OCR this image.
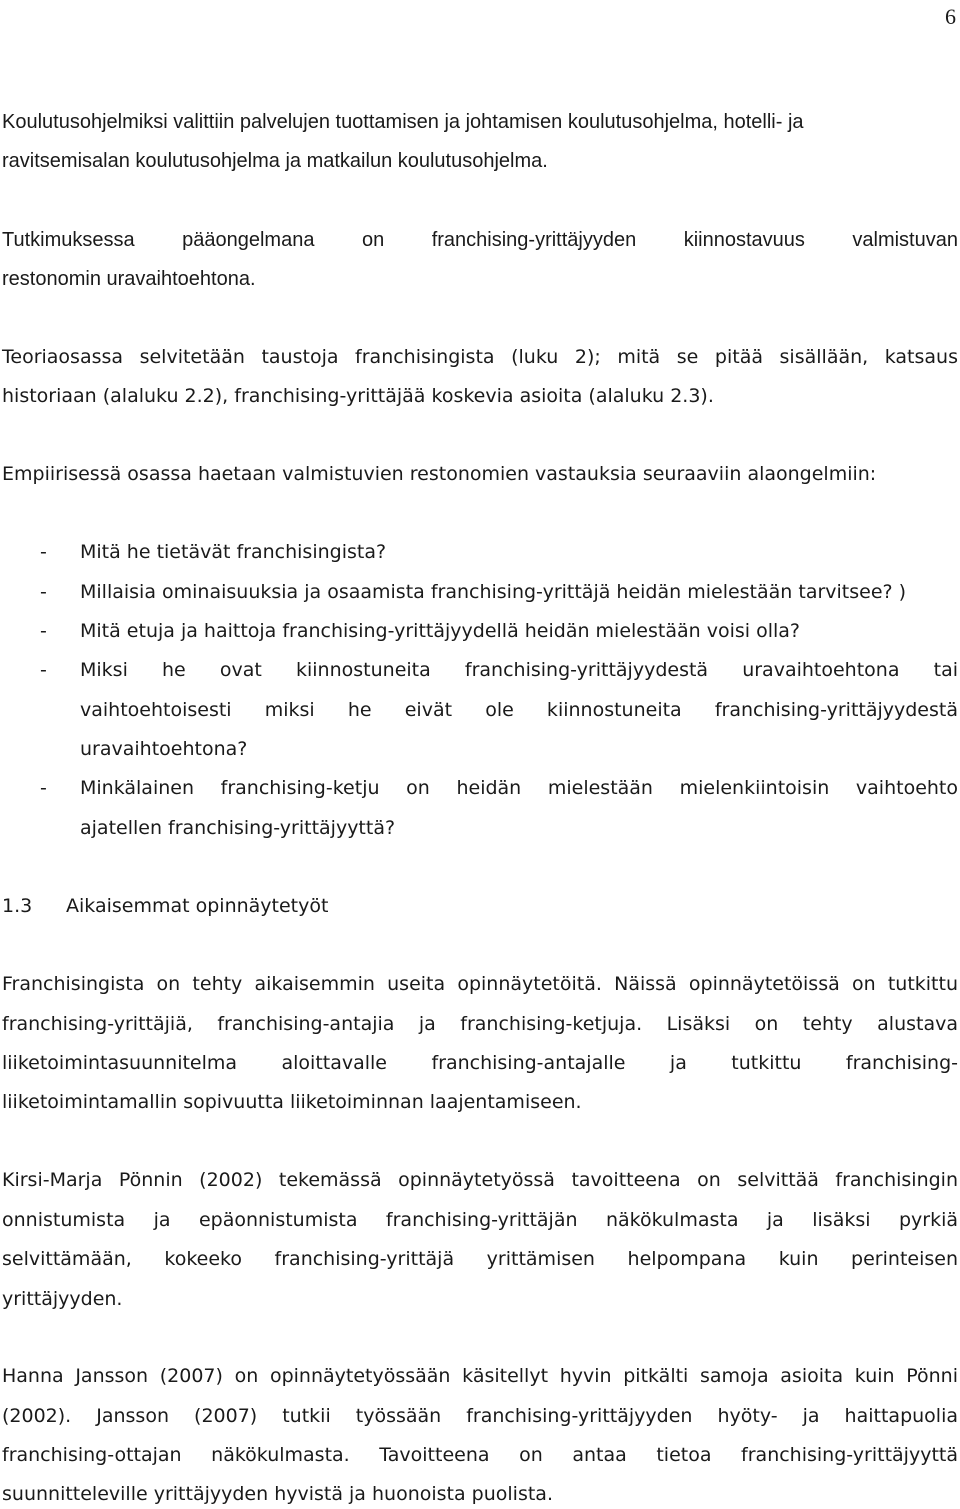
6
Koulutusohjelmiksi valittiin palvelujen tuottamisen ja johtamisen koulutusohjelma, hotelli- ja
ravitsemisalan koulutusohjelma ja matkailun koulutusohjelma.
Tutkimuksessa pääongelmana on franchising-yrittäjyyden kiinnostavuus valmistuvan
restonomin uravaihtoehtona.
Teoriaosassa selvitetään taustoja franchisingista (luku 2); mitä se pitää sisällään, katsaus
historiaan (alaluku 2.2), franchising-yrittäjää koskevia asioita (alaluku 2.3).
Empiirisessä osassa haetaan valmistuvien restonomien vastauksia seuraaviin alaongelmiin:
- Mitä he tietävät franchisingista?
- Millaisia ominaisuuksia ja osaamista franchising-yrittäjä heidän mielestään tarvitsee? )
- Mitä etuja ja haittoja franchising-yrittäjyydellä heidän mielestään voisi olla?
- Miksi he ovat kiinnostuneita franchising-yrittäjyydestä uravaihtoehtona tai
vaihtoehtoisesti miksi he eivät ole kiinnostuneita franchising-yrittäjyydestä
uravaihtoehtona?
- Minkälainen franchising-ketju on heidän mielestään mielenkiintoisin vaihtoehto
ajatellen franchising-yrittäjyyttä?
1.3 Aikaisemmat opinnäytetyöt
Franchisingista on tehty aikaisemmin useita opinnäytetöitä. Näissä opinnäytetöissä on tutkittu
franchising-yrittäjiä, franchising-antajia ja franchising-ketjuja. Lisäksi on tehty alustava
liiketoimintasuunnitelma aloittavalle franchising-antajalle ja tutkittu franchising-
liiketoimintamallin sopivuutta liiketoiminnan laajentamiseen.
Kirsi-Marja Pönnin (2002) tekemässä opinnäytetyössä tavoitteena on selvittää franchisingin
onnistumista ja epäonnistumista franchising-yrittäjän näkökulmasta ja lisäksi pyrkiä
selvittämään, kokeeko franchising-yrittäjä yrittämisen helpompana kuin perinteisen
yrittäjyyden.
Hanna Jansson (2007) on opinnäytetyössään käsitellyt hyvin pitkälti samoja asioita kuin Pönni
(2002). Jansson (2007) tutkii työssään franchising-yrittäjyyden hyöty- ja haittapuolia
franchising-ottajan näkökulmasta. Tavoitteena on antaa tietoa franchising-yrittäjyyttä
suunnitteleville yrittäjyyden hyvistä ja huonoista puolista.
